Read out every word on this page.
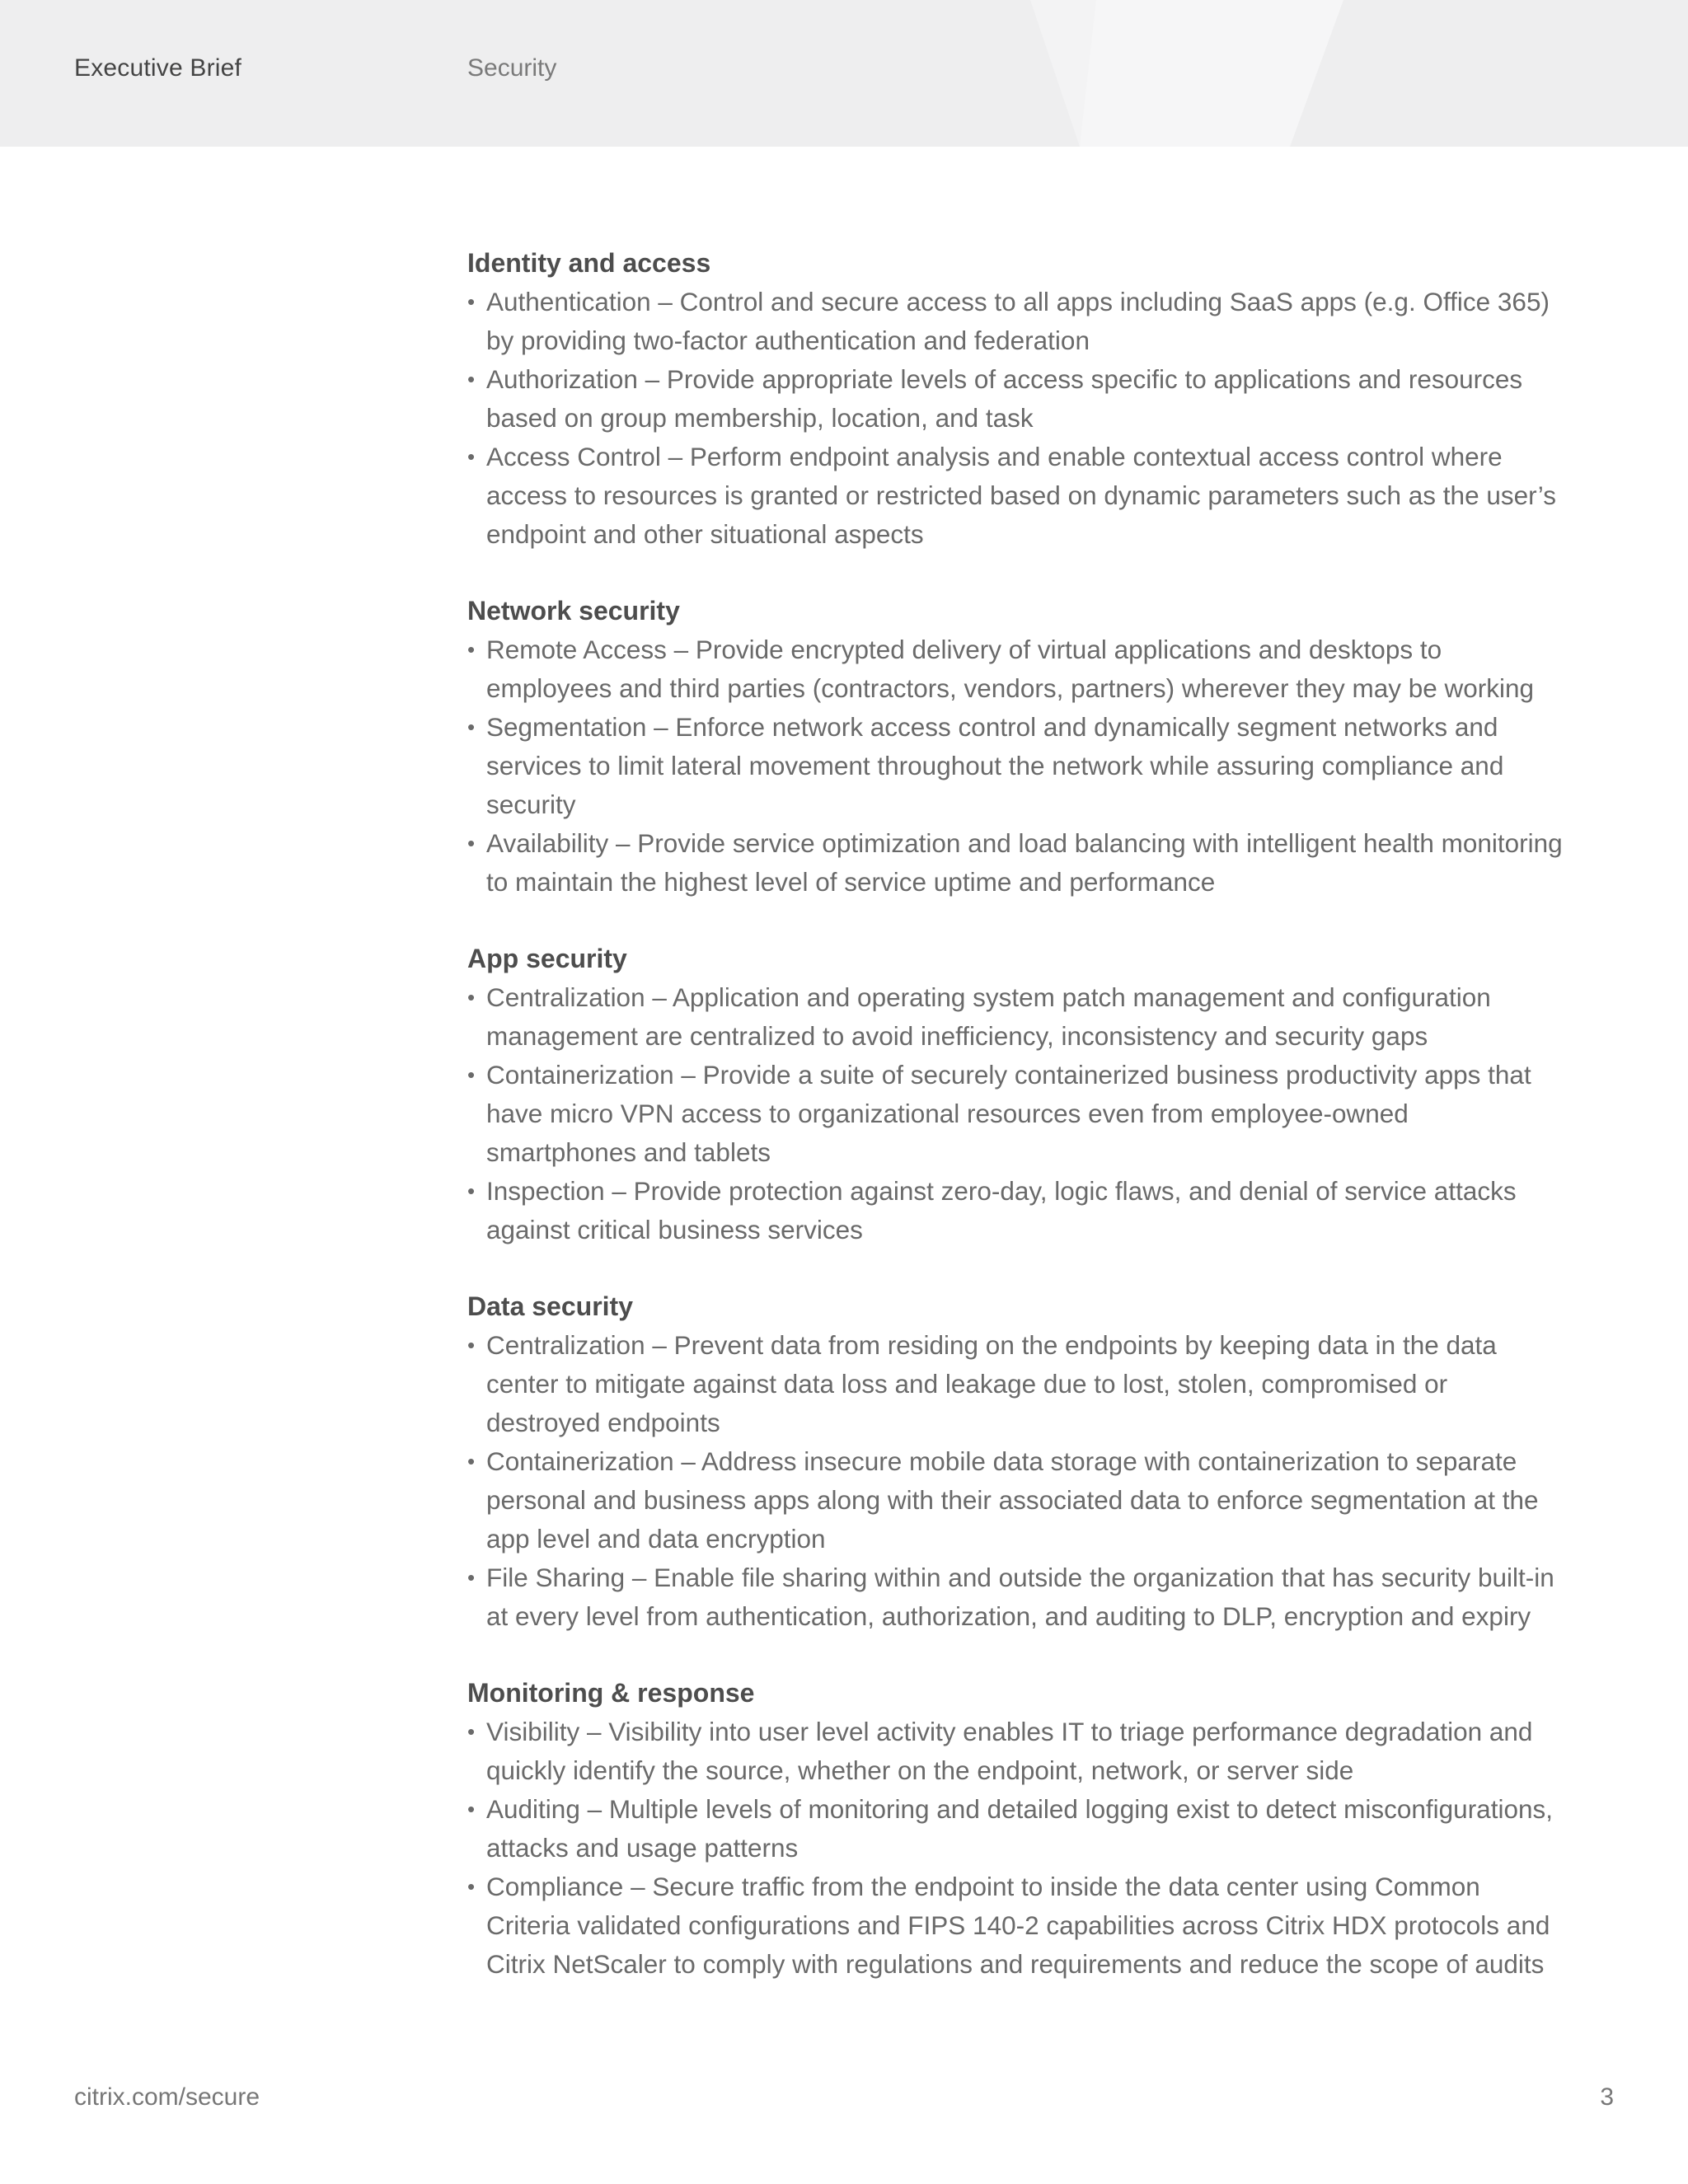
Executive Brief	Security
Identity and access
• Authentication – Control and secure access to all apps including SaaS apps (e.g. Office 365) by providing two-factor authentication and federation
• Authorization – Provide appropriate levels of access specific to applications and resources based on group membership, location, and task
• Access Control – Perform endpoint analysis and enable contextual access control where access to resources is granted or restricted based on dynamic parameters such as the user’s endpoint and other situational aspects
Network security
• Remote Access – Provide encrypted delivery of virtual applications and desktops to employees and third parties (contractors, vendors, partners) wherever they may be working
• Segmentation – Enforce network access control and dynamically segment networks and services to limit lateral movement throughout the network while assuring compliance and security
• Availability – Provide service optimization and load balancing with intelligent health monitoring to maintain the highest level of service uptime and performance
App security
• Centralization – Application and operating system patch management and configuration management are centralized to avoid inefficiency, inconsistency and security gaps
• Containerization – Provide a suite of securely containerized business productivity apps that have micro VPN access to organizational resources even from employee-owned smartphones and tablets
• Inspection – Provide protection against zero-day, logic flaws, and denial of service attacks against critical business services
Data security
• Centralization – Prevent data from residing on the endpoints by keeping data in the data center to mitigate against data loss and leakage due to lost, stolen, compromised or destroyed endpoints
• Containerization – Address insecure mobile data storage with containerization to separate personal and business apps along with their associated data to enforce segmentation at the app level and data encryption
• File Sharing – Enable file sharing within and outside the organization that has security built-in at every level from authentication, authorization, and auditing to DLP, encryption and expiry
Monitoring & response
• Visibility – Visibility into user level activity enables IT to triage performance degradation and quickly identify the source, whether on the endpoint, network, or server side
• Auditing – Multiple levels of monitoring and detailed logging exist to detect misconfigurations, attacks and usage patterns
• Compliance – Secure traffic from the endpoint to inside the data center using Common Criteria validated configurations and FIPS 140-2 capabilities across Citrix HDX protocols and Citrix NetScaler to comply with regulations and requirements and reduce the scope of audits
citrix.com/secure	3
